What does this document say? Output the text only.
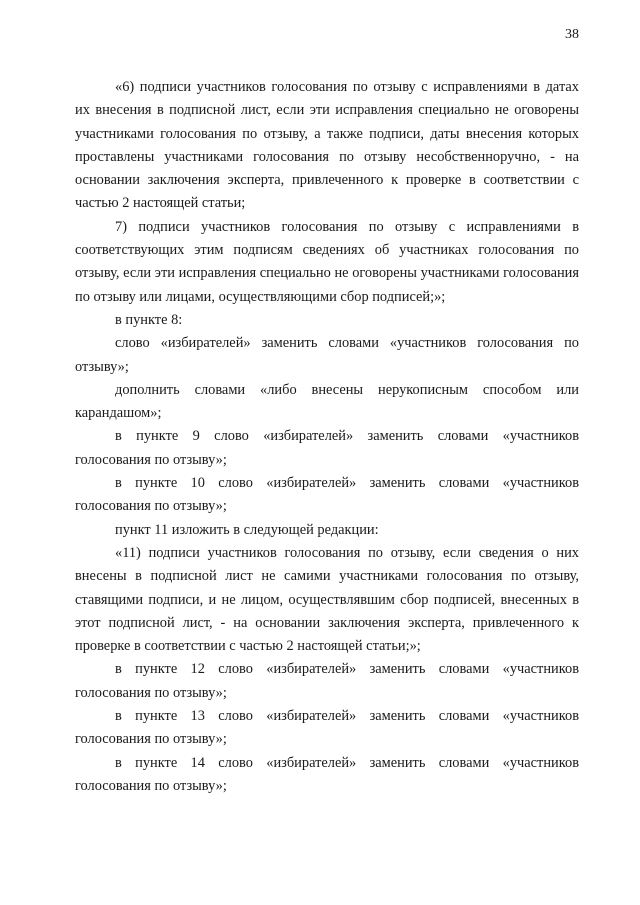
38

«6) подписи участников голосования по отзыву с исправлениями в датах их внесения в подписной лист, если эти исправления специально не оговорены участниками голосования по отзыву, а также подписи, даты внесения которых проставлены участниками голосования по отзыву несобственноручно, - на основании заключения эксперта, привлеченного к проверке в соответствии с частью 2 настоящей статьи;

7) подписи участников голосования по отзыву с исправлениями в соответствующих этим подписям сведениях об участниках голосования по отзыву, если эти исправления специально не оговорены участниками голосования по отзыву или лицами, осуществляющими сбор подписей;»;

в пункте 8:

слово «избирателей» заменить словами «участников голосования по отзыву»;

дополнить словами «либо внесены нерукописным способом или карандашом»;

в пункте 9 слово «избирателей» заменить словами «участников голосования по отзыву»;

в пункте 10 слово «избирателей» заменить словами «участников голосования по отзыву»;

пункт 11 изложить в следующей редакции:

«11) подписи участников голосования по отзыву, если сведения о них внесены в подписной лист не самими участниками голосования по отзыву, ставящими подписи, и не лицом, осуществлявшим сбор подписей, внесенных в этот подписной лист, - на основании заключения эксперта, привлеченного к проверке в соответствии с частью 2 настоящей статьи;»;

в пункте 12 слово «избирателей» заменить словами «участников голосования по отзыву»;

в пункте 13 слово «избирателей» заменить словами «участников голосования по отзыву»;

в пункте 14 слово «избирателей» заменить словами «участников голосования по отзыву»;
